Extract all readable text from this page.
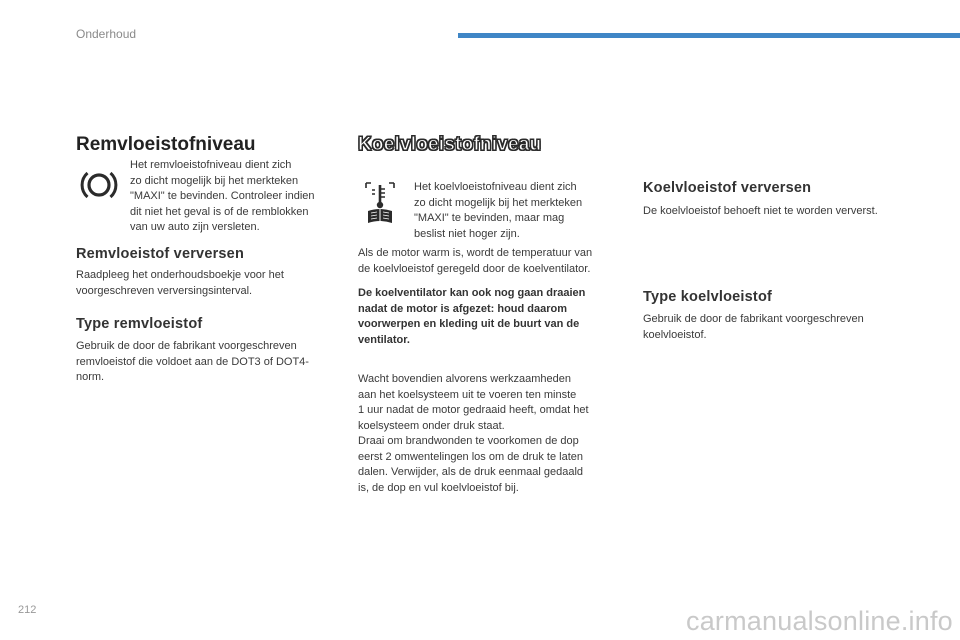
Onderhoud
Remvloeistofniveau

Het remvloeistofniveau dient zich
zo dicht mogelijk bij het merkteken
"MAXI" te bevinden. Controleer indien
dit niet het geval is of de remblokken
van uw auto zijn versleten.

Remvloeistof verversen

Raadpleeg het onderhoudsboekje voor het
voorgeschreven verversingsinterval.

Type remvloeistof

Gebruik de door de fabrikant voorgeschreven
remvloeistof die voldoet aan de DOT3 of DOT4-
norm.

Koelvloeistofniveau

Het koelvloeistofniveau dient zich
zo dicht mogelijk bij het merkteken
"MAXI" te bevinden, maar mag
beslist niet hoger zijn.

Als de motor warm is, wordt de temperatuur van
de koelvloeistof geregeld door de koelventilator.

De koelventilator kan ook nog gaan draaien
nadat de motor is afgezet: houd daarom
voorwerpen en kleding uit de buurt van de
ventilator.

Wacht bovendien alvorens werkzaamheden
aan het koelsysteem uit te voeren ten minste
1 uur nadat de motor gedraaid heeft, omdat het
koelsysteem onder druk staat.
Draai om brandwonden te voorkomen de dop
eerst 2 omwentelingen los om de druk te laten
dalen. Verwijder, als de druk eenmaal gedaald
is, de dop en vul koelvloeistof bij.

Koelvloeistof verversen

De koelvloeistof behoeft niet te worden ververst.

Type koelvloeistof

Gebruik de door de fabrikant voorgeschreven
koelvloeistof.

212	carmanualsonline.info
